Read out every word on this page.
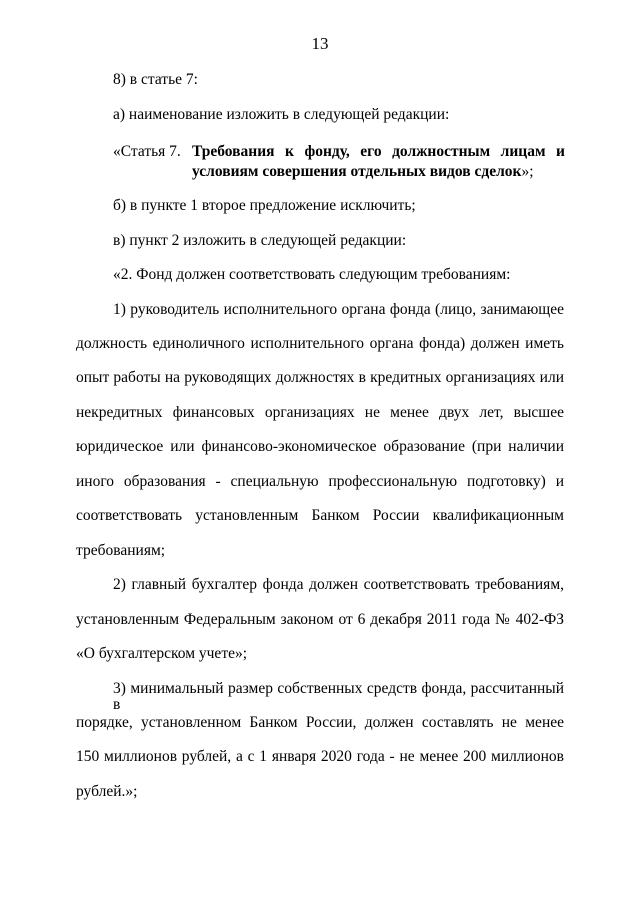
13
8) в статье 7:
а) наименование изложить в следующей редакции:
«Статья 7. Требования к фонду, его должностным лицам и
условиям совершения отдельных видов сделок»;
б) в пункте 1 второе предложение исключить;
в) пункт 2 изложить в следующей редакции:
«2. Фонд должен соответствовать следующим требованиям:
1) руководитель исполнительного органа фонда (лицо, занимающее
должность единоличного исполнительного органа фонда) должен иметь
опыт работы на руководящих должностях в кредитных организациях или
некредитных финансовых организациях не менее двух лет, высшее
юридическое или финансово-экономическое образование (при наличии
иного образования - специальную профессиональную подготовку) и
соответствовать установленным Банком России квалификационным
требованиям;
2) главный бухгалтер фонда должен соответствовать требованиям,
установленным Федеральным законом от 6 декабря 2011 года № 402-ФЗ
«О бухгалтерском учете»;
3) минимальный размер собственных средств фонда, рассчитанный в
порядке, установленном Банком России, должен составлять не менее
150 миллионов рублей, а с 1 января 2020 года - не менее 200 миллионов
рублей.»;
